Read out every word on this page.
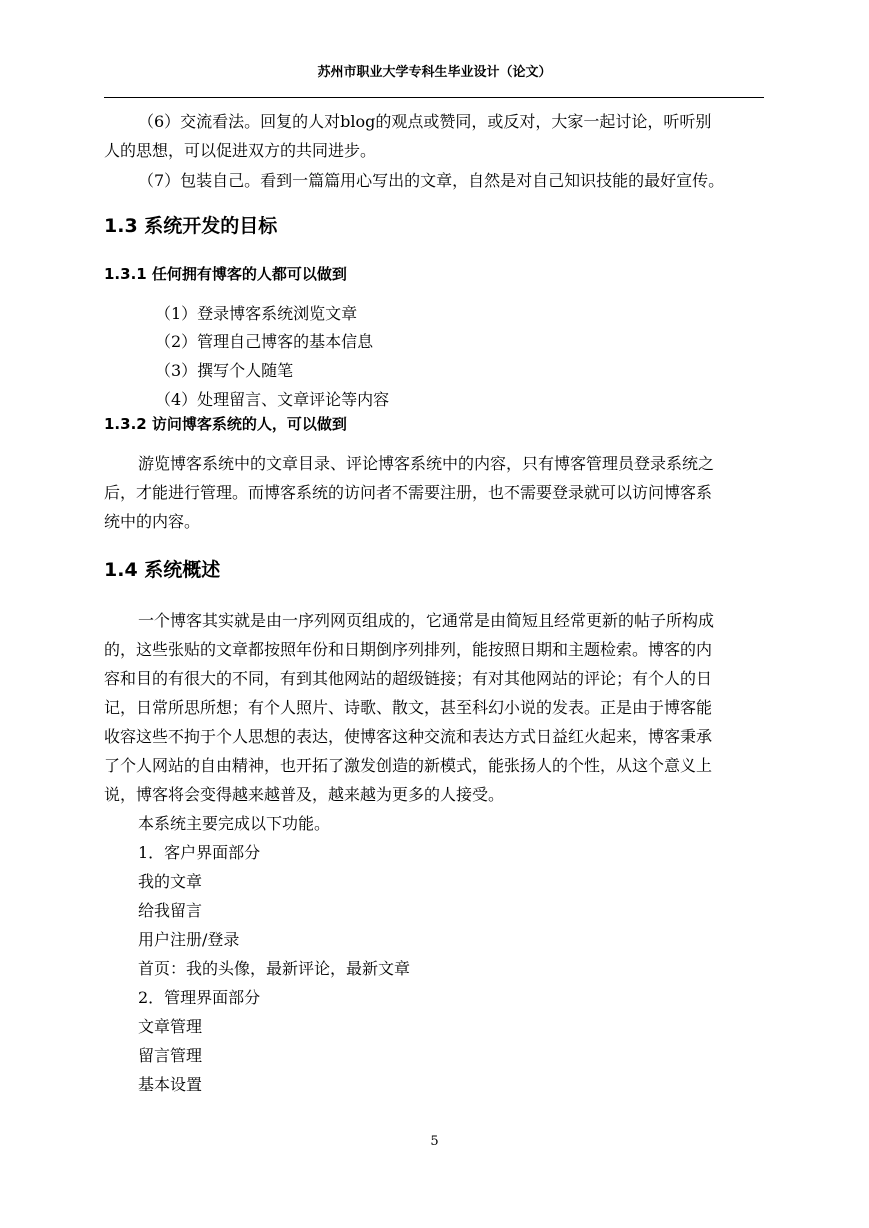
苏州市职业大学专科生毕业设计（论文）
（6）交流看法。回复的人对blog的观点或赞同，或反对，大家一起讨论，听听别
人的思想，可以促进双方的共同进步。
（7）包装自己。看到一篇篇用心写出的文章，自然是对自己知识技能的最好宣传。
1.3 系统开发的目标
1.3.1 任何拥有博客的人都可以做到
（1）登录博客系统浏览文章
（2）管理自己博客的基本信息
（3）撰写个人随笔
（4）处理留言、文章评论等内容
1.3.2 访问博客系统的人，可以做到
游览博客系统中的文章目录、评论博客系统中的内容，只有博客管理员登录系统之
后，才能进行管理。而博客系统的访问者不需要注册，也不需要登录就可以访问博客系
统中的内容。
1.4 系统概述
一个博客其实就是由一序列网页组成的，它通常是由简短且经常更新的帖子所构成
的，这些张贴的文章都按照年份和日期倒序列排列，能按照日期和主题检索。博客的内
容和目的有很大的不同，有到其他网站的超级链接；有对其他网站的评论；有个人的日
记，日常所思所想；有个人照片、诗歌、散文，甚至科幻小说的发表。正是由于博客能
收容这些不拘于个人思想的表达，使博客这种交流和表达方式日益红火起来，博客秉承
了个人网站的自由精神，也开拓了激发创造的新模式，能张扬人的个性，从这个意义上
说，博客将会变得越来越普及，越来越为更多的人接受。
本系统主要完成以下功能。
1．客户界面部分
我的文章
给我留言
用户注册/登录
首页：我的头像，最新评论，最新文章
2．管理界面部分
文章管理
留言管理
基本设置
5
